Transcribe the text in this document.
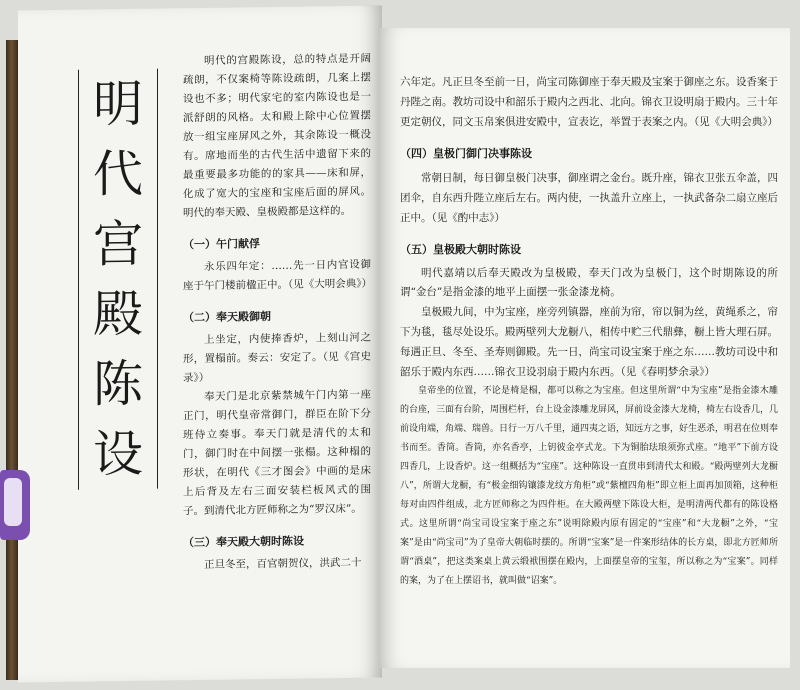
明
代
宫
殿
陈
设

明代的宫殿陈设，总的特点是开阔疏朗，不仅案椅等陈设疏朗，几案上摆设也不多；明代家宅的室内陈设也是一派舒朗的风格。太和殿上除中心位置摆放一组宝座屏风之外，其余陈设一概没有。席地而坐的古代生活中遗留下来的最重要最多功能的的家具——床和屏，化成了宽大的宝座和宝座后面的屏风。明代的奉天殿、皇极殿都是这样的。

（一）午门献俘

永乐四年定：……先一日内官设御座于午门楼前楹正中。（见《大明会典》）

（二）奉天殿御朝

上坐定，内使捧香炉，上刻山河之形，置榻前。奏云：安定了。（见《宫史录》）

奉天门是北京紫禁城午门内第一座正门，明代皇帝常御门，群臣在阶下分班侍立奏事。奉天门就是清代的太和门，御门时在中间摆一张榻。这种榻的形状，在明代《三才图会》中画的是床上后背及左右三面安装栏板风式的围子。到清代北方匠师称之为“罗汉床”。

（三）奉天殿大朝时陈设

正旦冬至，百官朝贺仪，洪武二十

六年定。凡正旦冬至前一日，尚宝司陈御座于奉天殿及宝案于御座之东。设香案于丹陛之南。教坊司设中和韶乐于殿内之西北、北向。锦衣卫设明扇于殿内。三十年更定朝仪，同文玉帛案俱进安殿中，宣表讫，举置于表案之内。（见《大明会典》）

（四）皇极门御门决事陈设

常朝日制，每日御皇极门决事，御座谓之金台。既升座，锦衣卫张五伞盖，四团伞，自东西升陛立座后左右。两内使，一执盖升立座上，一执武备杂二扇立座后正中。（见《酌中志》）

（五）皇极殿大朝时陈设

明代嘉靖以后奉天殿改为皇极殿，奉天门改为皇极门，这个时期陈设的所谓“金台”是指金漆的地平上面摆一张金漆龙椅。

皇极殿九间，中为宝座，座旁列镇器，座前为帘，帘以铜为丝，黄绳系之，帘下为毯，毯尽处设乐。殿两壁列大龙橱八，相传中贮三代鼎彝，橱上皆大理石屏。每遇正旦、冬至、圣寿则御殿。先一日，尚宝司设宝案于座之东……教坊司设中和韶乐于殿内东西……锦衣卫设羽扇于殿内东西。（见《春明梦余录》）

皇帝坐的位置，不论是椅是榻，都可以称之为宝座。但这里所谓“中为宝座”是指金漆木雕的台座，三面有台阶，周围栏杆，台上设金漆雕龙屏风，屏前设金漆大龙椅，椅左右设香几，几前设甪端，角端、瑞兽。日行一万八千里，通四夷之语，知远方之事，好生恶杀，明君在位则奉书而至。香筒。香筒，亦名香亭，上钥彼金亭式龙。下为铜胎珐琅须弥式座。“地平”下前方设四香几，上设香炉。这一组概括为“宝座”。这种陈设一直贯串到清代太和殿。“殿两壁列大龙橱八”，所谓大龙橱，有“极金细钩镶漆龙纹方角柜”或“紫檀四角柜”即立柜上面再加顶箱，这种柜每对由四件组成，北方匠师称之为四件柜。在大殿两壁下陈设大柜，是明清两代都有的陈设格式。这里所谓“尚宝司设宝案于座之东”说明除殿内原有固定的“宝座”和“大龙橱”之外，“宝案”是由“尚宝司”为了皇帝大朝临时摆的。所谓“宝案”是一件案形结体的长方桌，即北方匠师所谓“酒桌”，把这类案桌上黄云缎袱围摆在殿内，上面摆皇帝的宝玺，所以称之为“宝案”。同样的案，为了在上摆诏书，就叫做“诏案”。
